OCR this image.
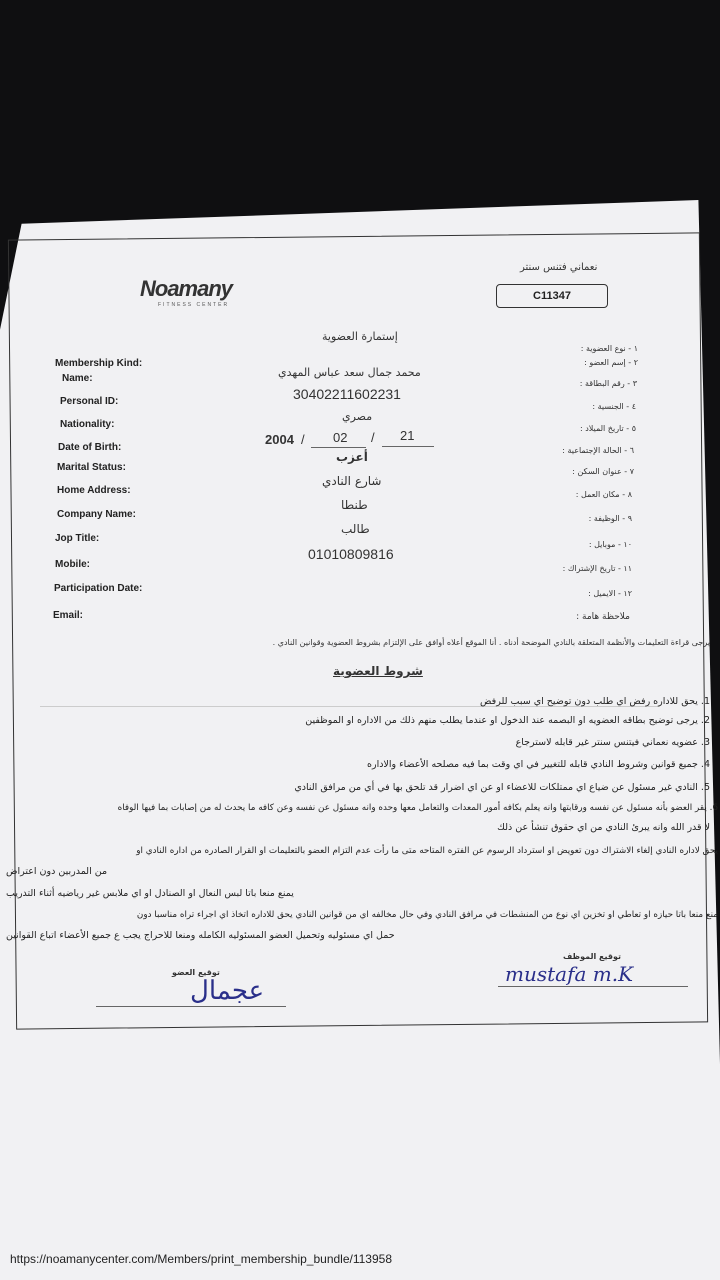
نعماني فتنس سنتر
C11347
Noamany
FITNESS CENTER
إستمارة العضوية
Membership Kind:
Name:
Personal ID:
Nationality:
Date of Birth:
Marital Status:
Home Address:
Company Name:
Jop Title:
Mobile:
Participation Date:
Email:
١ - نوع العضوية :
٢ - إسم العضو :
٣ - رقم البطاقة :
٤ - الجنسية :
٥ - تاريخ الميلاد :
٦ - الحالة الإجتماعية :
٧ - عنوان السكن :
٨ - مكان العمل :
٩ - الوظيفة :
١٠ - موبايل :
١١ - تاريخ الإشتراك :
١٢ - الايميل :
ملاحظة هامة :
محمد جمال سعد عباس المهدي
30402211602231
مصري
2004 / 02 / 21
أعزب
شارع النادي
طنطا
طالب
01010809816
يرجى قراءة التعليمات والأنظمة المتعلقة بالنادي الموضحة أدناه . أنا الموقع أعلاه أوافق على الإلتزام بشروط العضوية وقوانين النادي .
شروط العضوية
1. يحق للاداره رفض اي طلب دون توضيح اي سبب للرفض
2. يرجى توضيح بطاقه العضويه او البصمه عند الدخول او عندما يطلب منهم ذلك من الاداره او الموظفين
3. عضويه نعماني فيتنس سنتر غير قابله لاسترجاع
4. جميع قوانين وشروط النادي قابله للتغيير في اي وقت بما فيه مصلحه الأعضاء والاداره
5. النادي غير مسئول عن ضياع اي ممتلكات للاعضاء او عن اي اضرار قد تلحق بها في أي من مرافق النادي
6. يقر العضو بأنه مسئول عن نفسه ورقابتها وانه يعلم بكافه أمور المعدات والتعامل معها وحده وانه مسئول عن نفسه وعن كافه ما يحدث له من إصابات بما فيها الوفاه
لا قدر الله وانه يبرئ النادي من اي حقوق تنشأ عن ذلك
يحق لاداره النادي إلغاء الاشتراك دون تعويض او استرداد الرسوم عن الفتره المتاحه متى ما رأت عدم التزام العضو بالتعليمات او القرار الصادره من اداره النادي او
من المدربين دون اعتراض
يمنع منعا باتا لبس النعال او الصنادل او اي ملابس غير رياضيه أثناء التدريب
منع منعا باتا حيازه او تعاطي او تخزين اي نوع من المنشطات في مرافق النادي وفي حال مخالفه اي من قوانين النادي يحق للاداره اتخاذ اي اجراء تراه مناسبا دون
حمل اي مسئوليه وتحميل العضو المسئوليه الكامله ومنعا للاحراج يجب ع جميع الأعضاء اتباع القوانين
توقيع الموظف
mustafa m.K
توقيع العضو
عجمال
https://noamanycenter.com/Members/print_membership_bundle/113958
